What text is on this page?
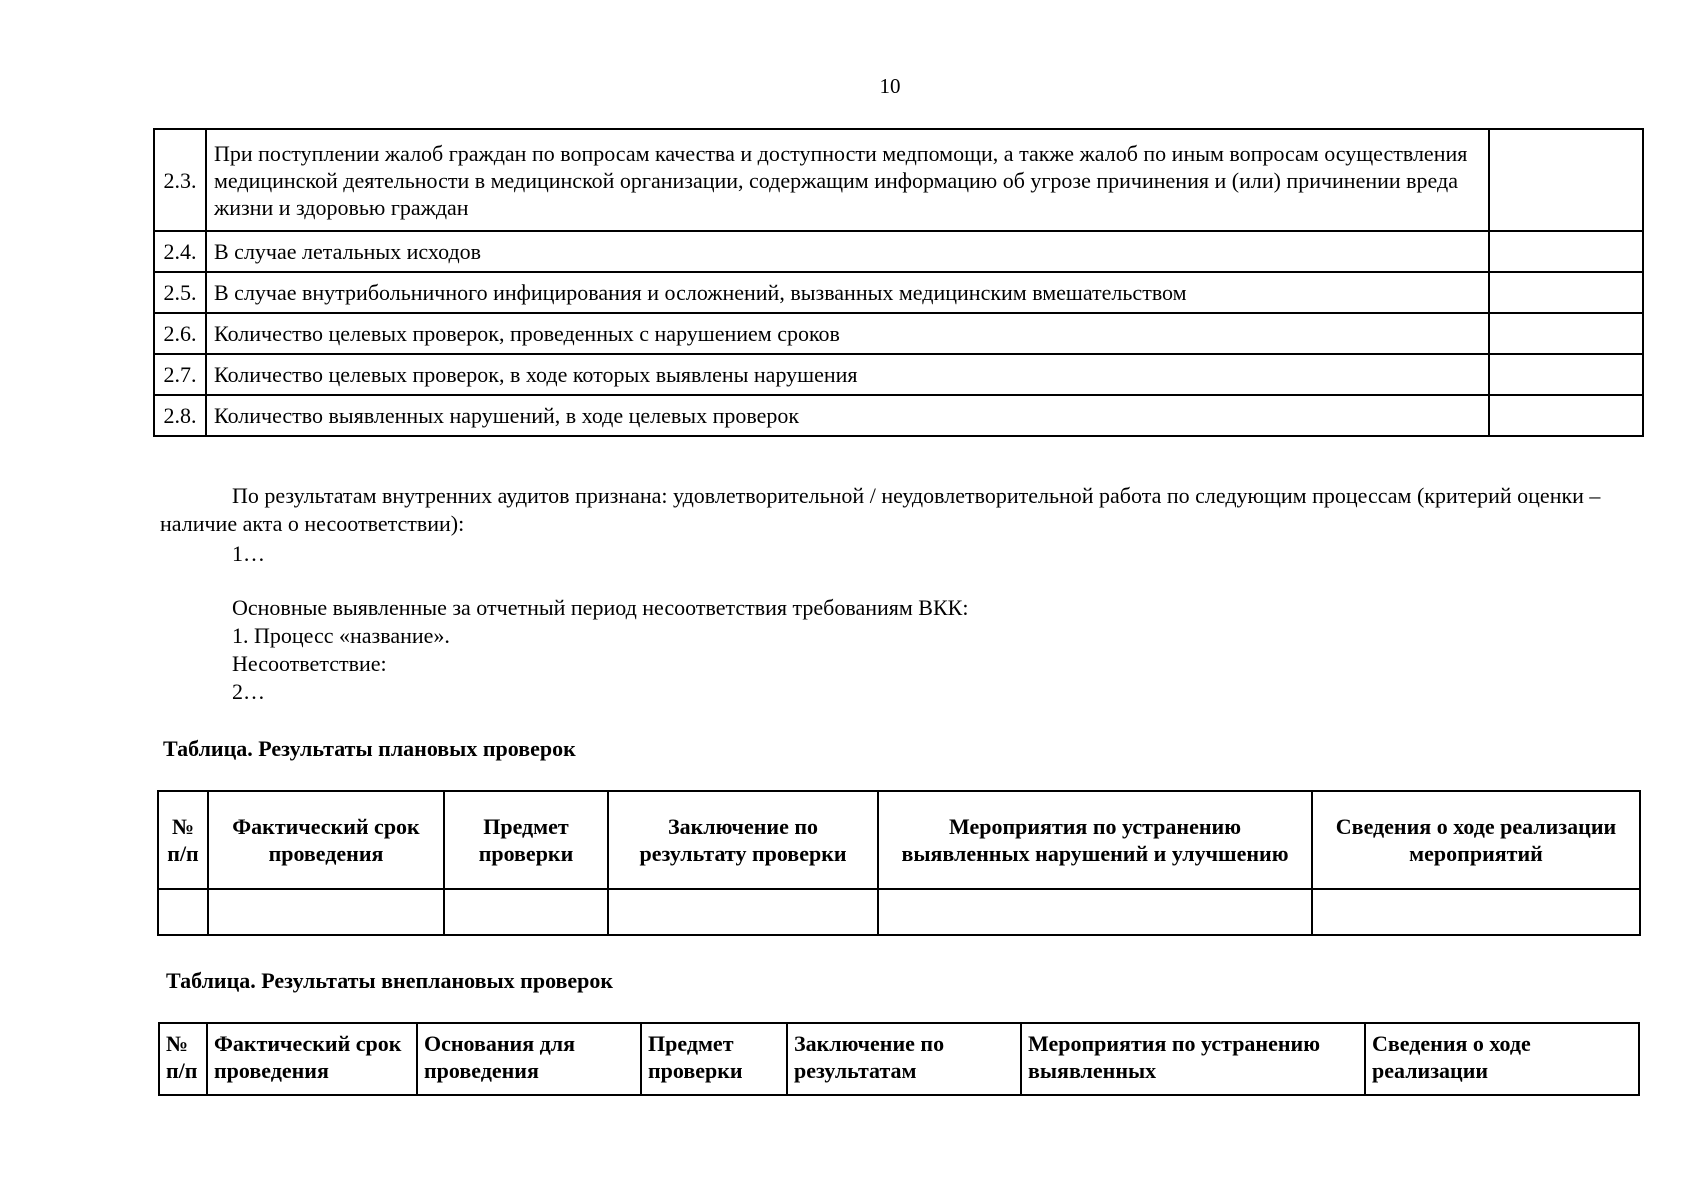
10
2.3.	При поступлении жалоб граждан по вопросам качества и доступности медпомощи, а также жалоб по иным вопросам осуществления медицинской деятельности в медицинской организации, содержащим информацию об угрозе причинения и (или) причинении вреда жизни и здоровью граждан	
2.4.	В случае летальных исходов	
2.5.	В случае внутрибольничного инфицирования и осложнений, вызванных медицинским вмешательством	
2.6.	Количество целевых проверок, проведенных с нарушением сроков	
2.7.	Количество целевых проверок, в ходе которых выявлены нарушения	
2.8.	Количество выявленных нарушений, в ходе целевых проверок	
По результатам внутренних аудитов признана: удовлетворительной / неудовлетворительной работа по следующим процессам (критерий оценки – наличие акта о несоответствии):
1…
Основные выявленные за отчетный период несоответствия требованиям ВКК:
1. Процесс «название».
Несоответствие:
2…
Таблица. Результаты плановых проверок
№ п/п	Фактический срок проведения	Предмет проверки	Заключение по результату проверки	Мероприятия по устранению выявленных нарушений и улучшению	Сведения о ходе реализации мероприятий

Таблица. Результаты внеплановых проверок
№ п/п	Фактический срок проведения	Основания для проведения	Предмет проверки	Заключение по результатам	Мероприятия по устранению выявленных	Сведения о ходе реализации
